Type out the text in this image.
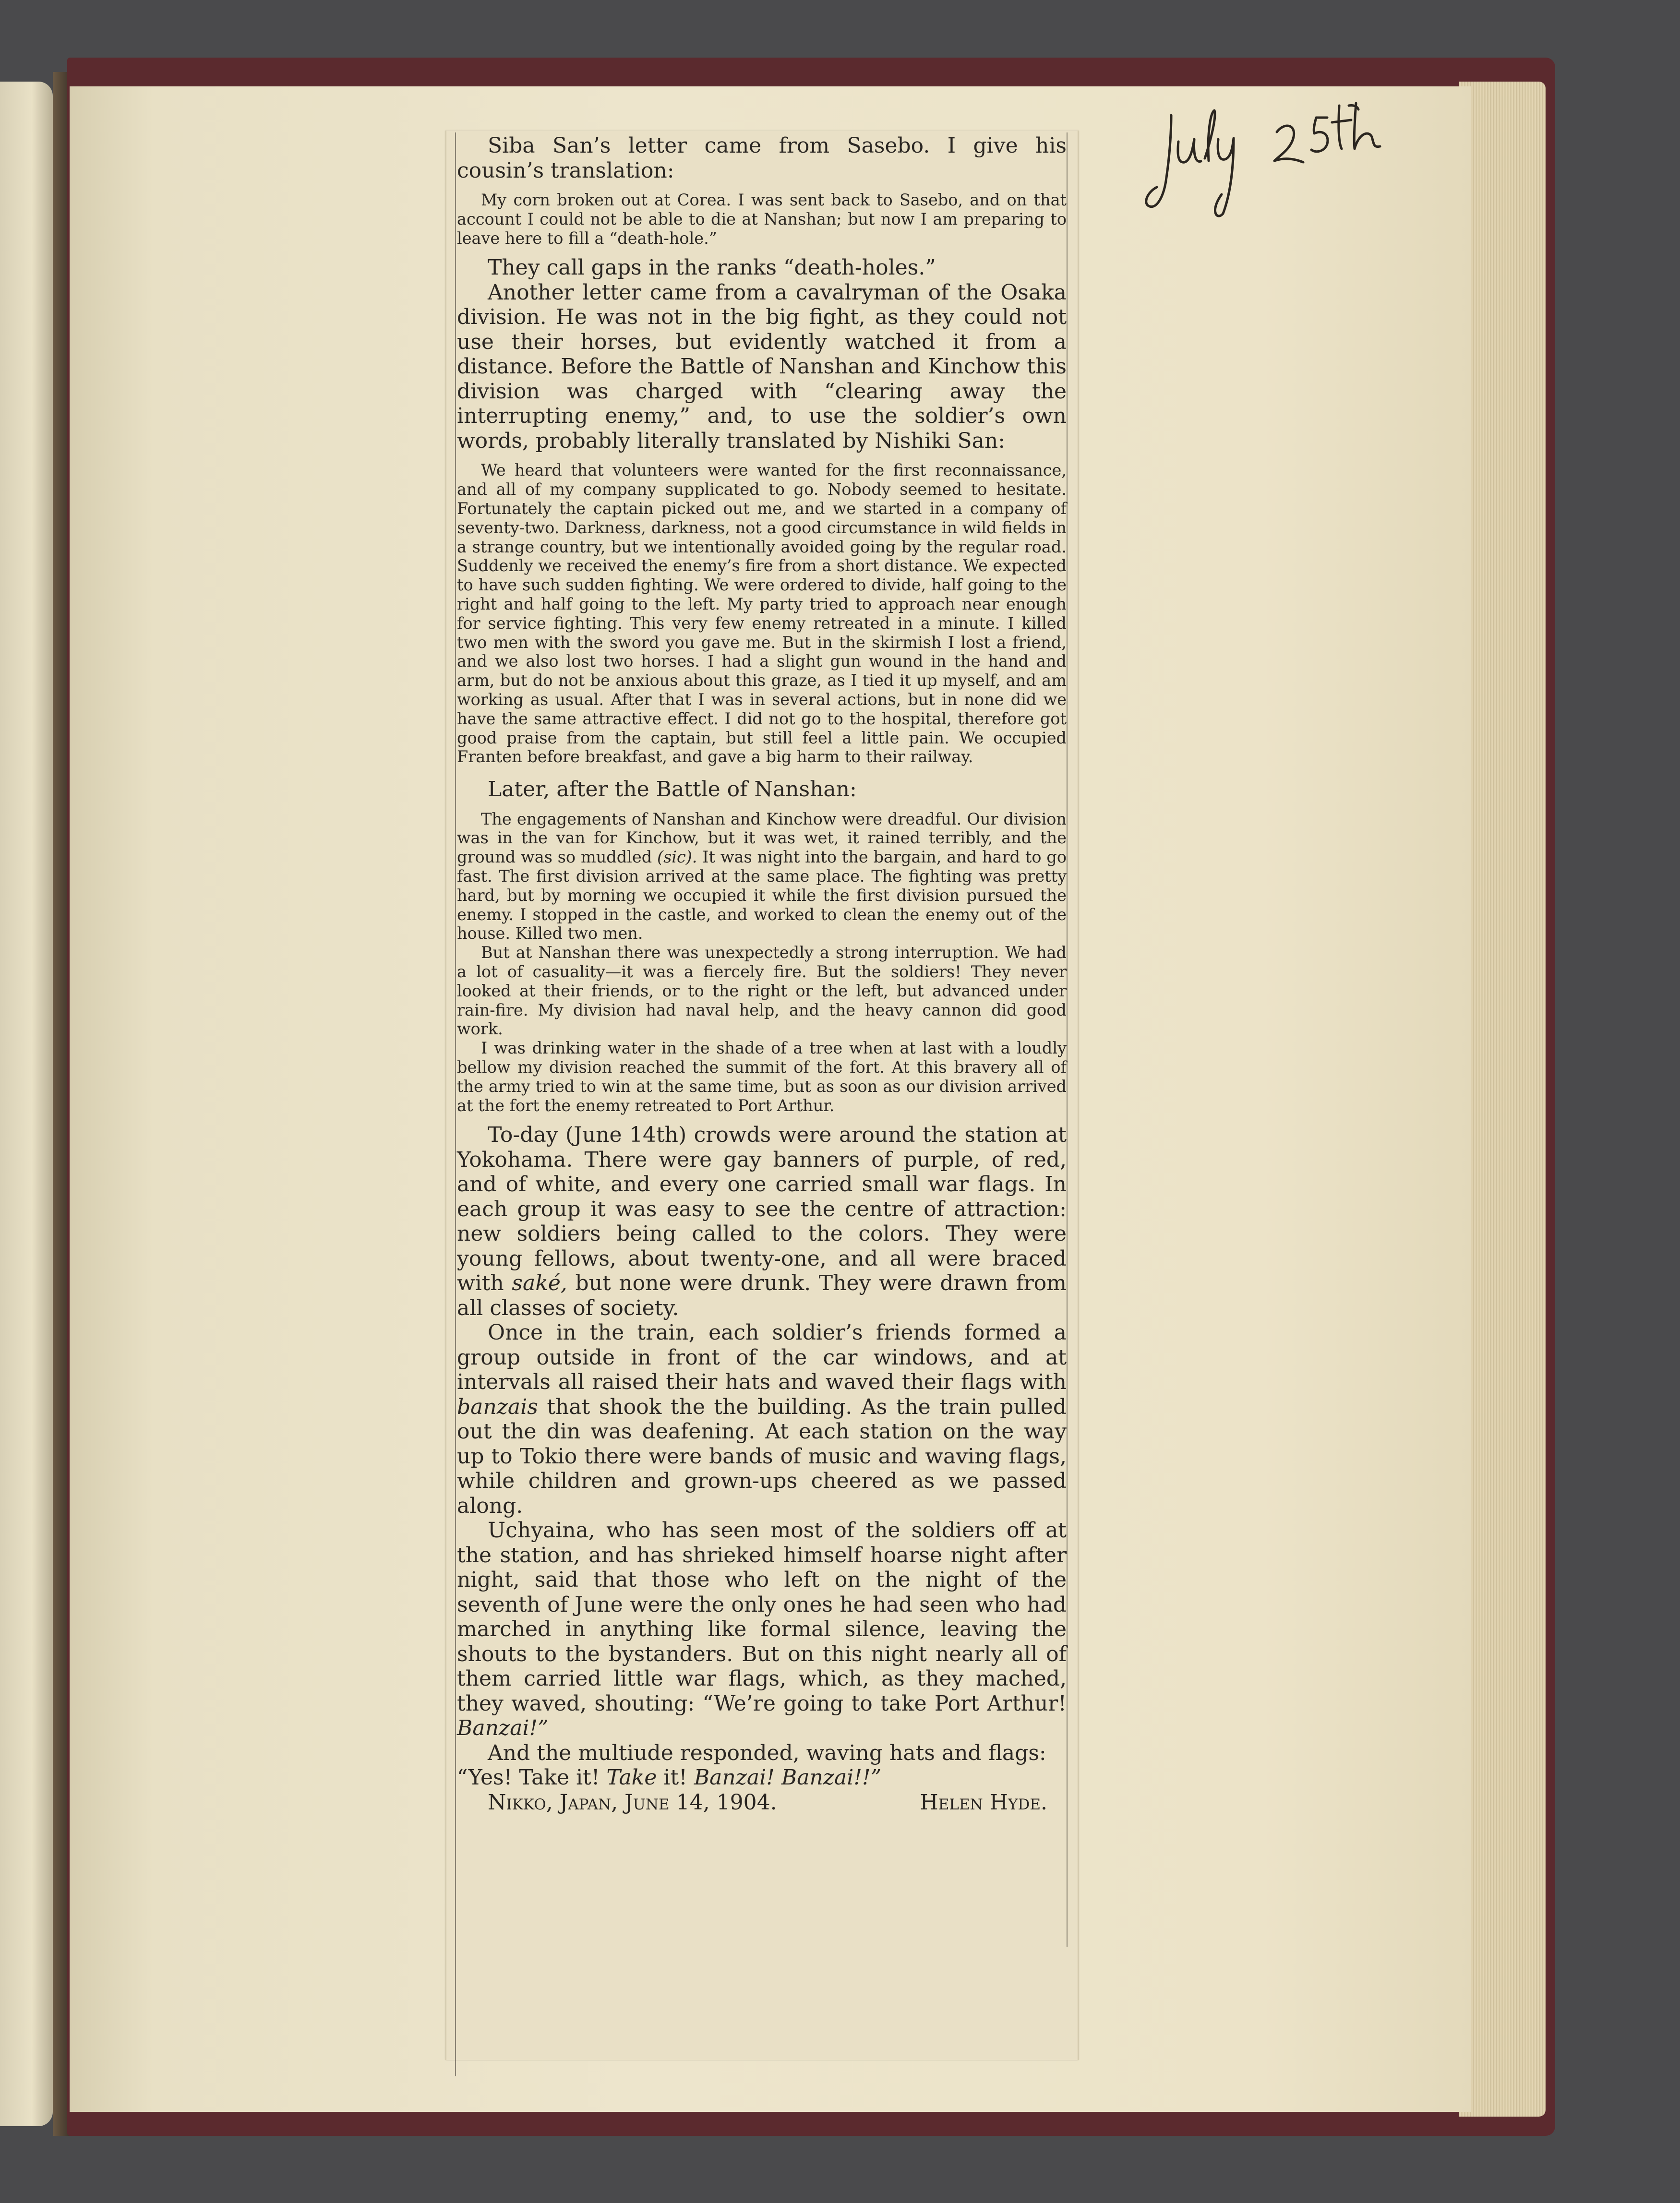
July 25th

Siba San’s letter came from Sasebo. I give his cousin’s translation:

My corn broken out at Corea. I was sent back to Sasebo, and on that account I could not be able to die at Nanshan; but now I am preparing to leave here to fill a “death-hole.”

They call gaps in the ranks “death-holes.”

Another letter came from a cavalryman of the Osaka division. He was not in the big fight, as they could not use their horses, but evidently watched it from a distance. Before the Battle of Nanshan and Kinchow this division was charged with “clearing away the interrupting enemy,” and, to use the soldier’s own words, probably literally translated by Nishiki San:

We heard that volunteers were wanted for the first reconnaissance, and all of my company supplicated to go. Nobody seemed to hesitate. Fortunately the captain picked out me, and we started in a company of seventy-two. Darkness, darkness, not a good circumstance in wild fields in a strange country, but we intentionally avoided going by the regular road. Suddenly we received the enemy’s fire from a short distance. We expected to have such sudden fighting. We were ordered to divide, half going to the right and half going to the left. My party tried to approach near enough for service fighting. This very few enemy retreated in a minute. I killed two men with the sword you gave me. But in the skirmish I lost a friend, and we also lost two horses. I had a slight gun wound in the hand and arm, but do not be anxious about this graze, as I tied it up myself, and am working as usual. After that I was in several actions, but in none did we have the same attractive effect. I did not go to the hospital, therefore got good praise from the captain, but still feel a little pain. We occupied Franten before breakfast, and gave a big harm to their railway.

Later, after the Battle of Nanshan:

The engagements of Nanshan and Kinchow were dreadful. Our division was in the van for Kinchow, but it was wet, it rained terribly, and the ground was so muddled (sic). It was night into the bargain, and hard to go fast. The first division arrived at the same place. The fighting was pretty hard, but by morning we occupied it while the first division pursued the enemy. I stopped in the castle, and worked to clean the enemy out of the house. Killed two men.

But at Nanshan there was unexpectedly a strong interruption. We had a lot of casuality—it was a fiercely fire. But the soldiers! They never looked at their friends, or to the right or the left, but advanced under rain-fire. My division had naval help, and the heavy cannon did good work.

I was drinking water in the shade of a tree when at last with a loudly bellow my division reached the summit of the fort. At this bravery all of the army tried to win at the same time, but as soon as our division arrived at the fort the enemy retreated to Port Arthur.

To-day (June 14th) crowds were around the station at Yokohama. There were gay banners of purple, of red, and of white, and every one carried small war flags. In each group it was easy to see the centre of attraction: new soldiers being called to the colors. They were young fellows, about twenty-one, and all were braced with saké, but none were drunk. They were drawn from all classes of society.

Once in the train, each soldier’s friends formed a group outside in front of the car windows, and at intervals all raised their hats and waved their flags with banzais that shook the the building. As the train pulled out the din was deafening. At each station on the way up to Tokio there were bands of music and waving flags, while children and grown-ups cheered as we passed along.

Uchyaina, who has seen most of the soldiers off at the station, and has shrieked himself hoarse night after night, said that those who left on the night of the seventh of June were the only ones he had seen who had marched in anything like formal silence, leaving the shouts to the bystanders. But on this night nearly all of them carried little war flags, which, as they mached, they waved, shouting: “We’re going to take Port Arthur! Banzai!”

And the multiude responded, waving hats and flags:

“Yes! Take it! Take it! Banzai! Banzai!!”

Nikko, Japan, June 14, 1904.	Helen Hyde.
